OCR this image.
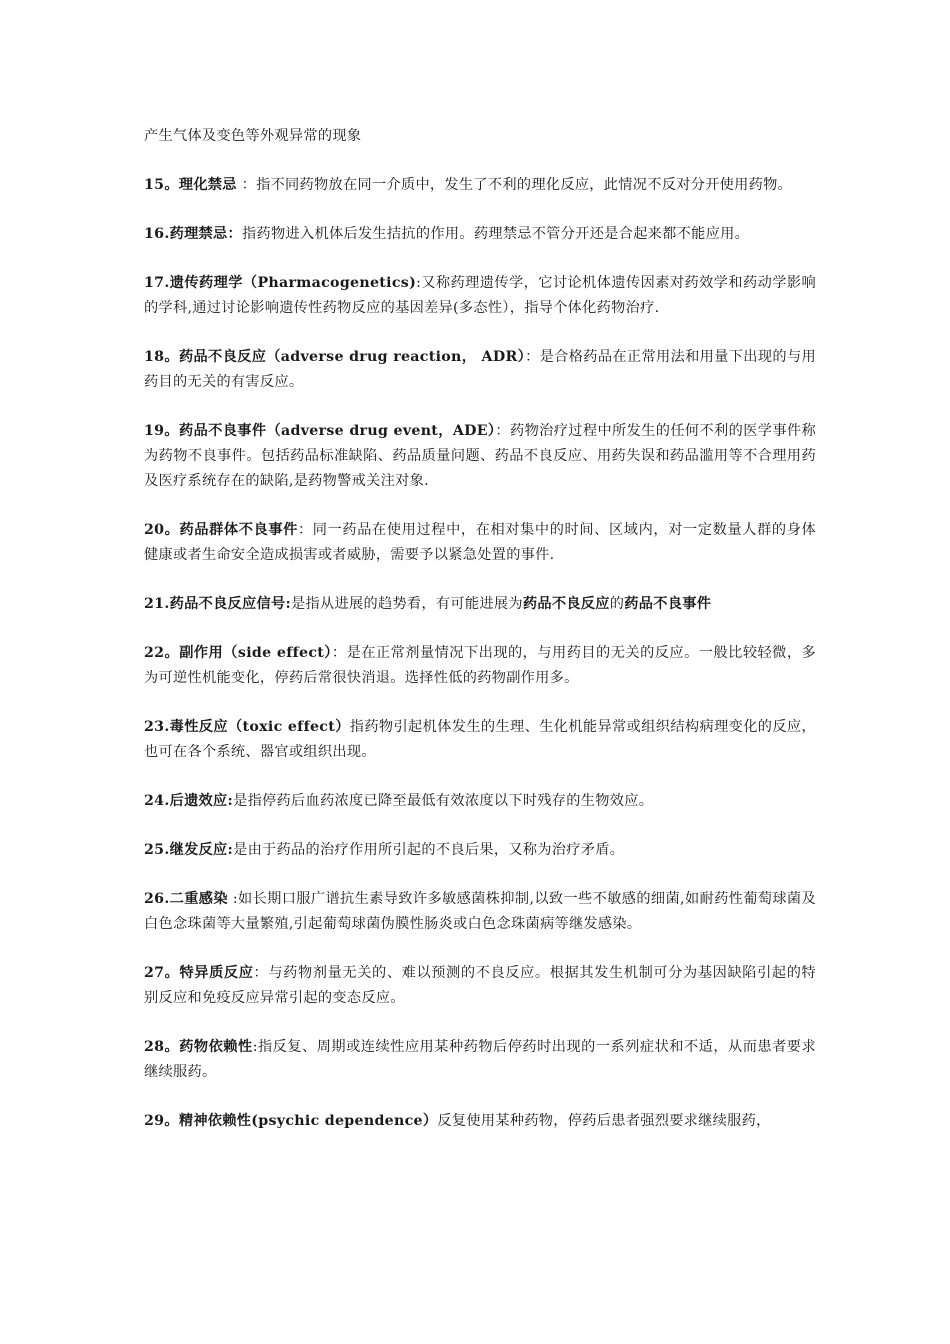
产生气体及变色等外观异常的现象

15。理化禁忌 ：指不同药物放在同一介质中，发生了不利的理化反应，此情况不反对分开使用药物。

16.药理禁忌：指药物进入机体后发生拮抗的作用。药理禁忌不管分开还是合起来都不能应用。

17.遗传药理学（Pharmacogenetics):又称药理遗传学，它讨论机体遗传因素对药效学和药动学影响的学科,通过讨论影响遗传性药物反应的基因差异(多态性），指导个体化药物治疗.

18。药品不良反应（adverse drug reaction， ADR）：是合格药品在正常用法和用量下出现的与用药目的无关的有害反应。

19。药品不良事件（adverse drug event，ADE）：药物治疗过程中所发生的任何不利的医学事件称为药物不良事件。包括药品标准缺陷、药品质量问题、药品不良反应、用药失误和药品滥用等不合理用药及医疗系统存在的缺陷,是药物警戒关注对象.

20。药品群体不良事件：同一药品在使用过程中，在相对集中的时间、区域内，对一定数量人群的身体健康或者生命安全造成损害或者威胁，需要予以紧急处置的事件.

21.药品不良反应信号:是指从进展的趋势看，有可能进展为药品不良反应的药品不良事件

22。副作用（side effect）：是在正常剂量情况下出现的，与用药目的无关的反应。一般比较轻微，多为可逆性机能变化，停药后常很快消退。选择性低的药物副作用多。

23.毒性反应（toxic effect）指药物引起机体发生的生理、生化机能异常或组织结构病理变化的反应，也可在各个系统、器官或组织出现。

24.后遗效应:是指停药后血药浓度已降至最低有效浓度以下时残存的生物效应。

25.继发反应:是由于药品的治疗作用所引起的不良后果，又称为治疗矛盾。

26.二重感染 :如长期口服广谱抗生素导致许多敏感菌株抑制,以致一些不敏感的细菌,如耐药性葡萄球菌及白色念珠菌等大量繁殖,引起葡萄球菌伪膜性肠炎或白色念珠菌病等继发感染。

27。特异质反应：与药物剂量无关的、难以预测的不良反应。根据其发生机制可分为基因缺陷引起的特别反应和免疫反应异常引起的变态反应。

28。药物依赖性:指反复、周期或连续性应用某种药物后停药时出现的一系列症状和不适，从而患者要求继续服药。

29。精神依赖性(psychic dependence）反复使用某种药物，停药后患者强烈要求继续服药，
